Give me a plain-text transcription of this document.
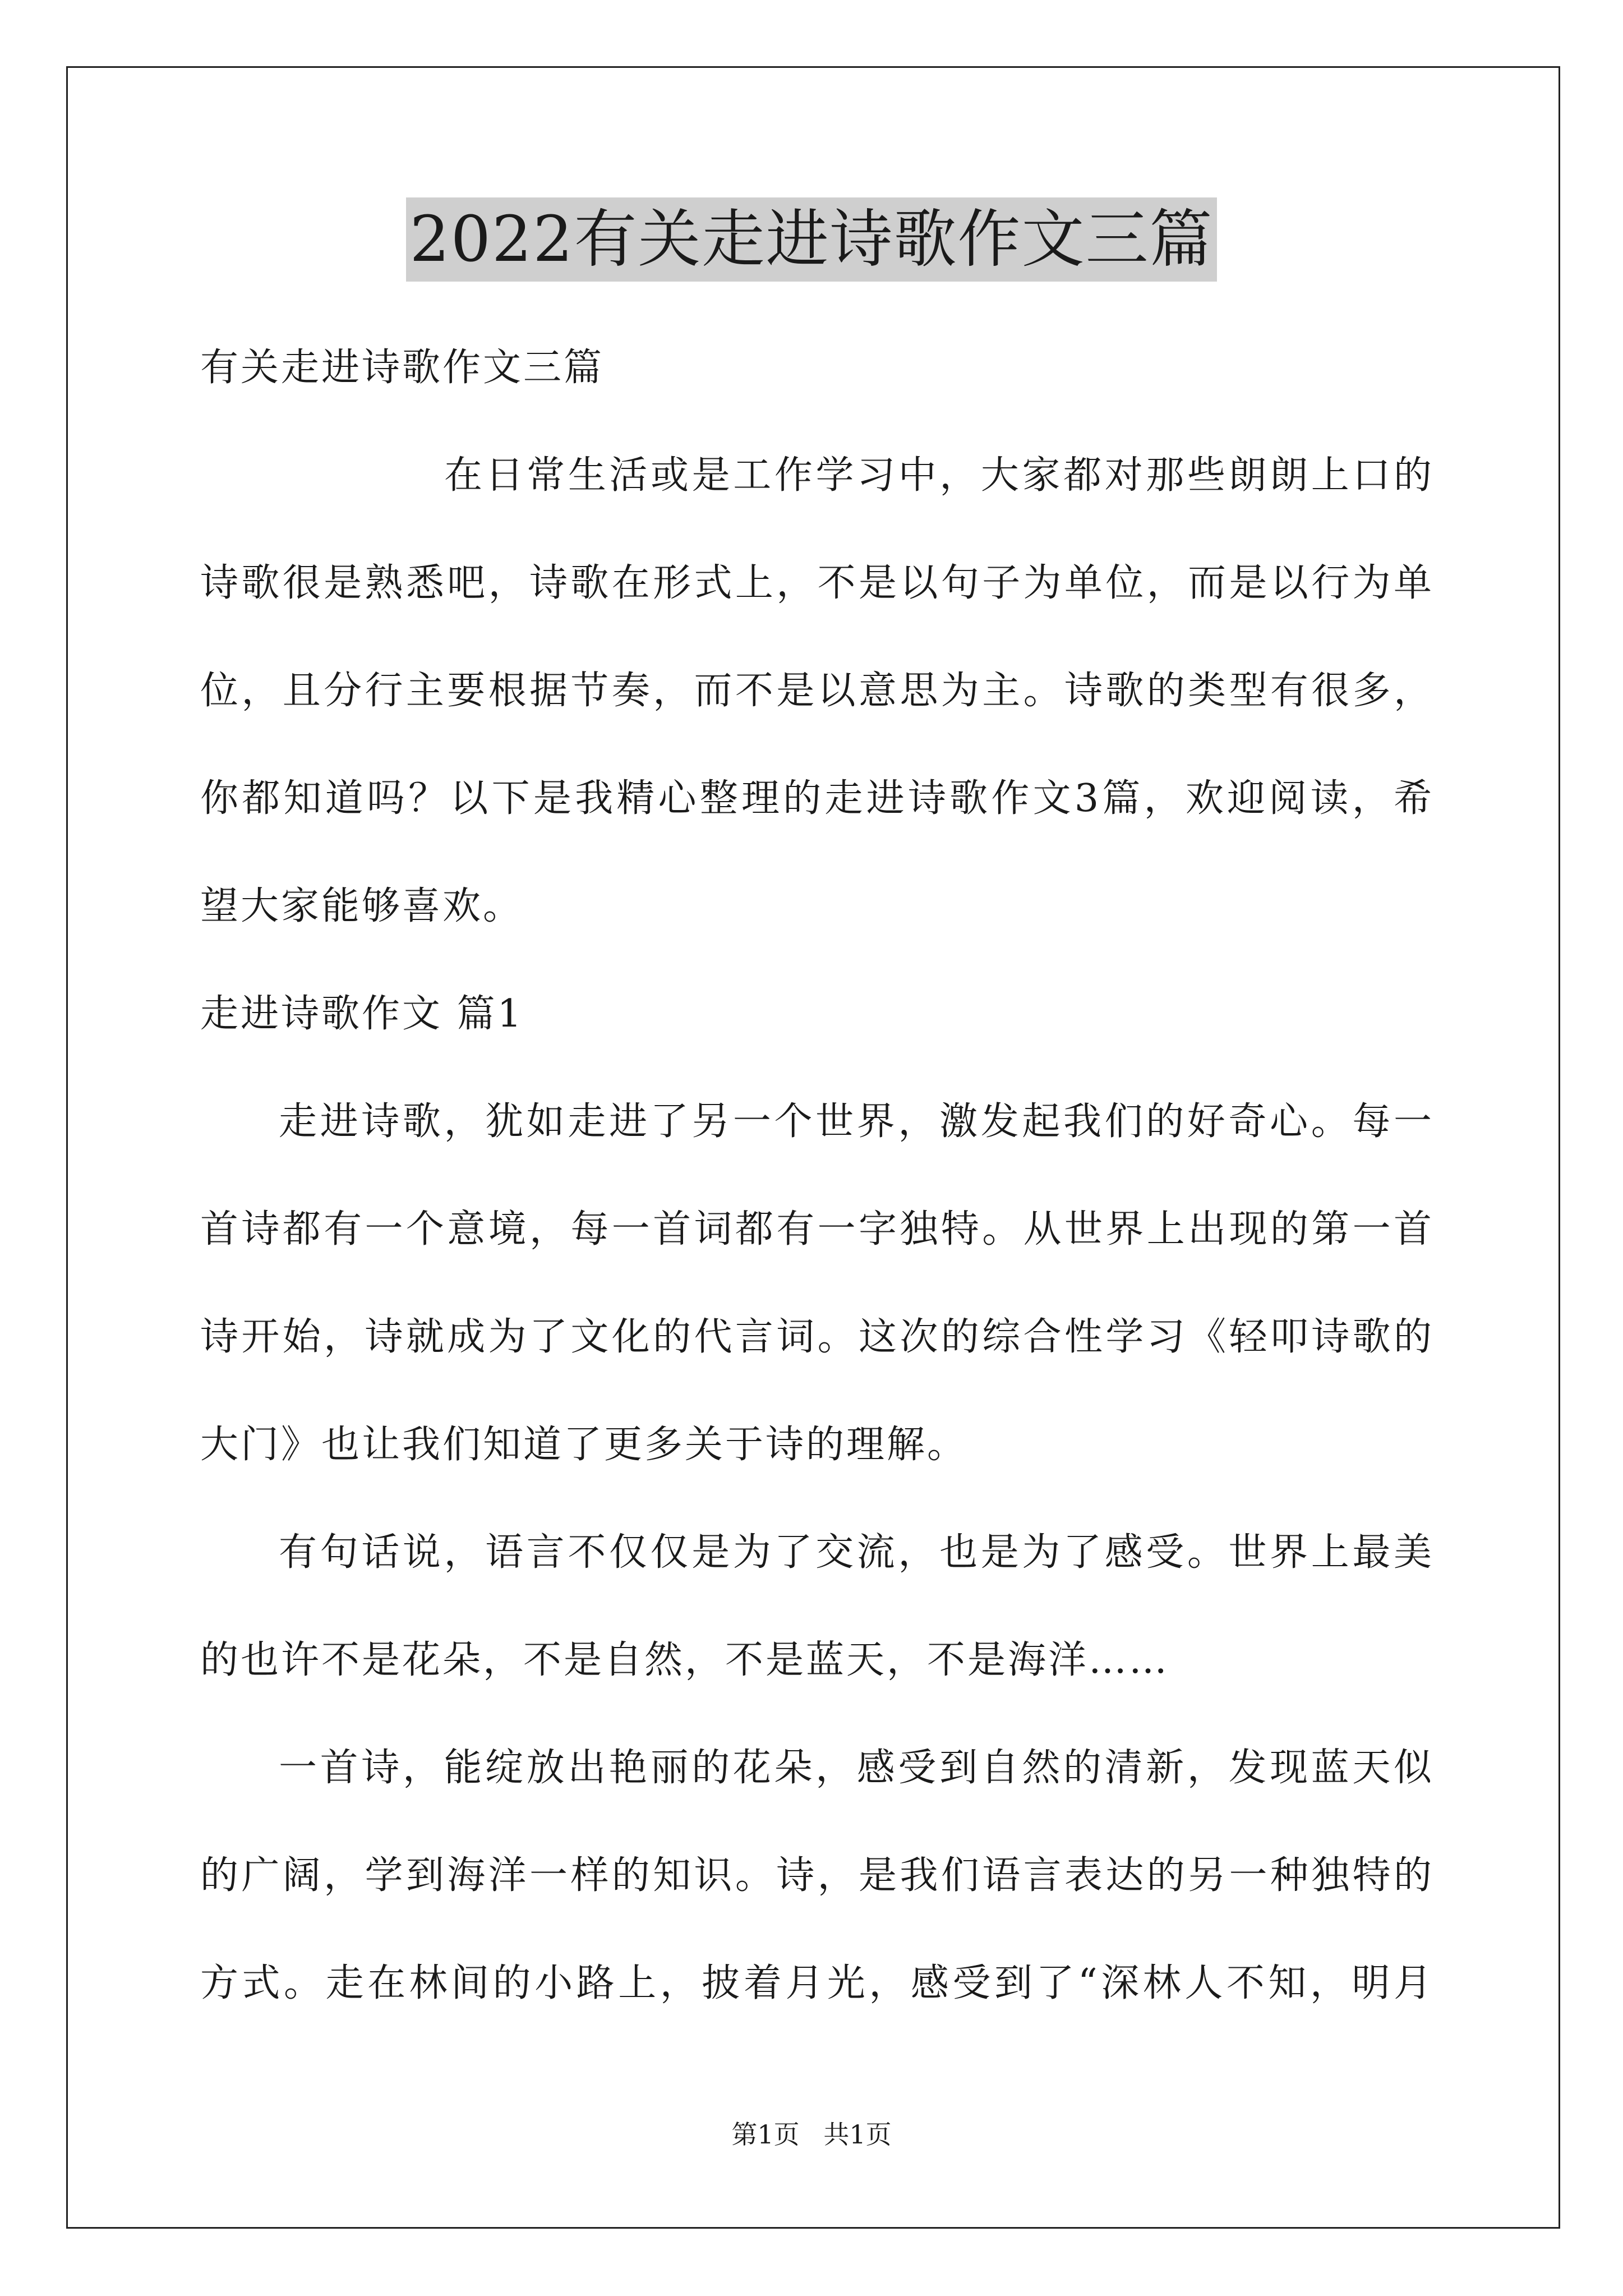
2022有关走进诗歌作文三篇
有关走进诗歌作文三篇
在日常生活或是工作学习中，大家都对那些朗朗上口的
诗歌很是熟悉吧，诗歌在形式上，不是以句子为单位，而是以行为单
位，且分行主要根据节奏，而不是以意思为主。诗歌的类型有很多，
你都知道吗？以下是我精心整理的走进诗歌作文3篇，欢迎阅读，希
望大家能够喜欢。
走进诗歌作文 篇1
走进诗歌，犹如走进了另一个世界，激发起我们的好奇心。每一
首诗都有一个意境，每一首词都有一字独特。从世界上出现的第一首
诗开始，诗就成为了文化的代言词。这次的综合性学习《轻叩诗歌的
大门》也让我们知道了更多关于诗的理解。
有句话说，语言不仅仅是为了交流，也是为了感受。世界上最美
的也许不是花朵，不是自然，不是蓝天，不是海洋……
一首诗，能绽放出艳丽的花朵，感受到自然的清新，发现蓝天似
的广阔，学到海洋一样的知识。诗，是我们语言表达的另一种独特的
方式。走在林间的小路上，披着月光，感受到了“深林人不知，明月
第1页 共1页
